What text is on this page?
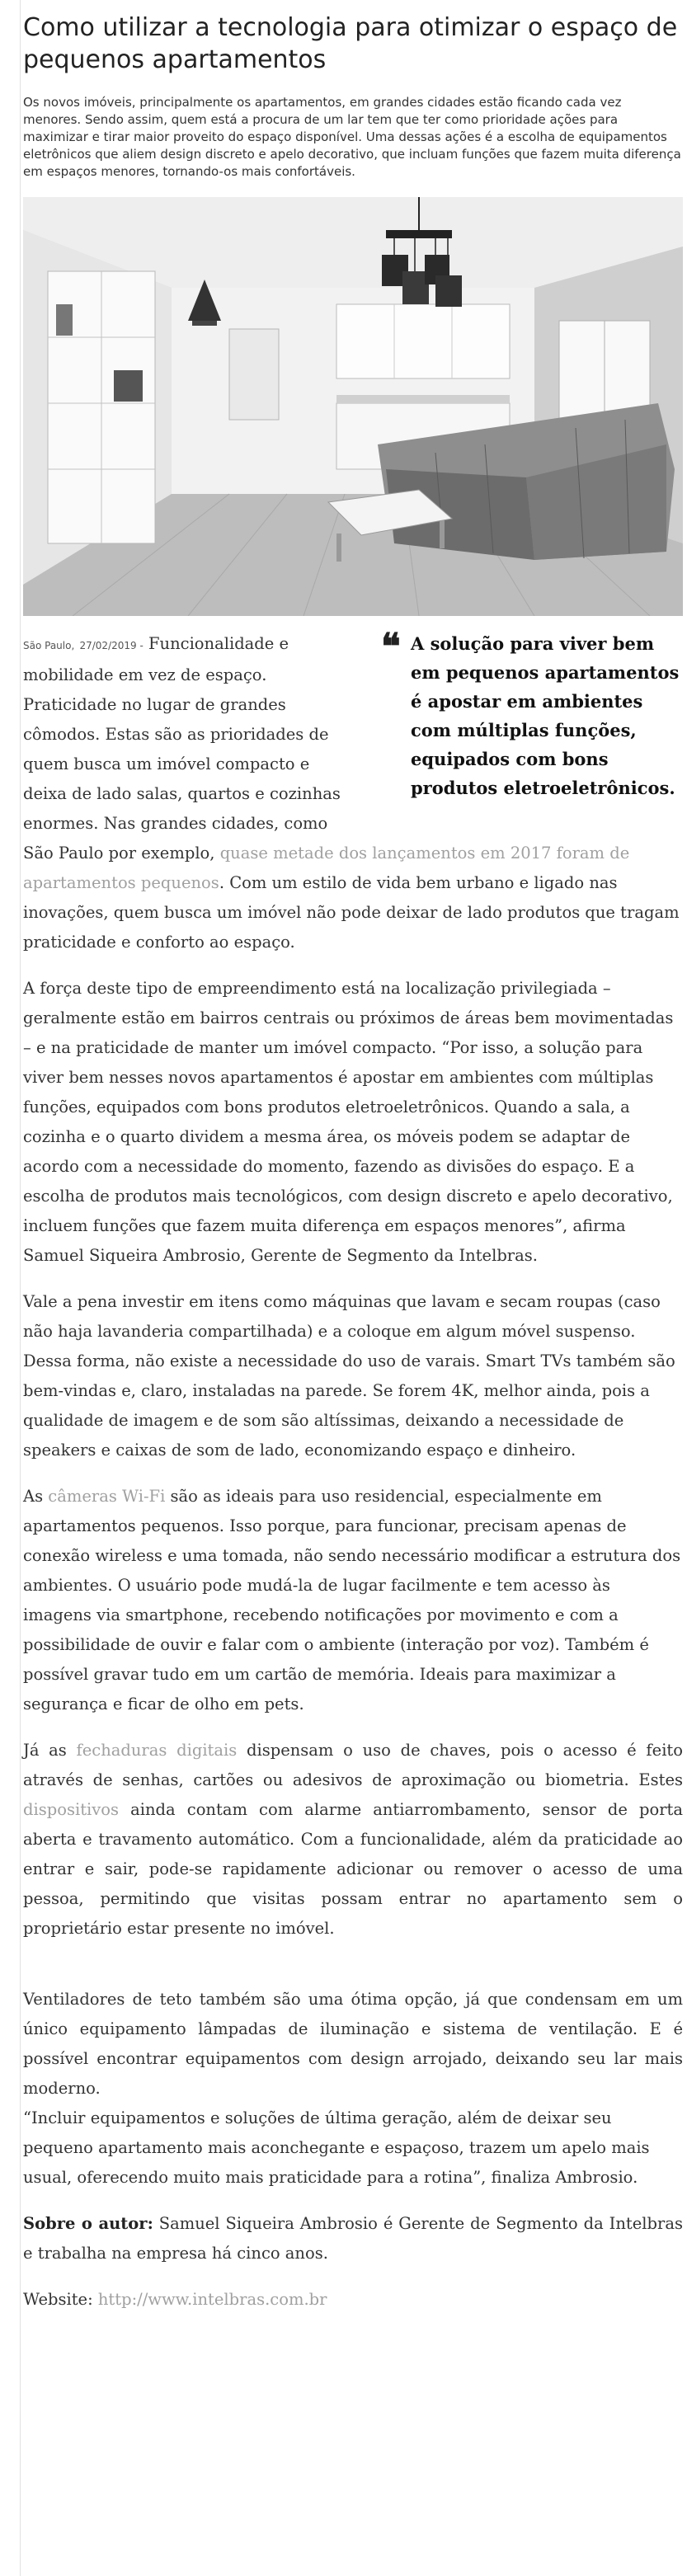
Como utilizar a tecnologia para otimizar o espaço de pequenos apartamentos

Os novos imóveis, principalmente os apartamentos, em grandes cidades estão ficando cada vez menores. Sendo assim, quem está a procura de um lar tem que ter como prioridade ações para maximizar e tirar maior proveito do espaço disponível. Uma dessas ações é a escolha de equipamentos eletrônicos que aliem design discreto e apelo decorativo, que incluam funções que fazem muita diferença em espaços menores, tornando-os mais confortáveis.

❝ A solução para viver bem em pequenos apartamentos é apostar em ambientes com múltiplas funções, equipados com bons produtos eletroeletrônicos.

São Paulo, 27/02/2019 - Funcionalidade e mobilidade em vez de espaço. Praticidade no lugar de grandes cômodos. Estas são as prioridades de quem busca um imóvel compacto e deixa de lado salas, quartos e cozinhas enormes. Nas grandes cidades, como São Paulo por exemplo, quase metade dos lançamentos em 2017 foram de apartamentos pequenos. Com um estilo de vida bem urbano e ligado nas inovações, quem busca um imóvel não pode deixar de lado produtos que tragam praticidade e conforto ao espaço.

A força deste tipo de empreendimento está na localização privilegiada – geralmente estão em bairros centrais ou próximos de áreas bem movimentadas – e na praticidade de manter um imóvel compacto. “Por isso, a solução para viver bem nesses novos apartamentos é apostar em ambientes com múltiplas funções, equipados com bons produtos eletroeletrônicos. Quando a sala, a cozinha e o quarto dividem a mesma área, os móveis podem se adaptar de acordo com a necessidade do momento, fazendo as divisões do espaço. E a escolha de produtos mais tecnológicos, com design discreto e apelo decorativo, incluem funções que fazem muita diferença em espaços menores”, afirma Samuel Siqueira Ambrosio, Gerente de Segmento da Intelbras.

Vale a pena investir em itens como máquinas que lavam e secam roupas (caso não haja lavanderia compartilhada) e a coloque em algum móvel suspenso. Dessa forma, não existe a necessidade do uso de varais. Smart TVs também são bem-vindas e, claro, instaladas na parede. Se forem 4K, melhor ainda, pois a qualidade de imagem e de som são altíssimas, deixando a necessidade de speakers e caixas de som de lado, economizando espaço e dinheiro.

As câmeras Wi-Fi são as ideais para uso residencial, especialmente em apartamentos pequenos. Isso porque, para funcionar, precisam apenas de conexão wireless e uma tomada, não sendo necessário modificar a estrutura dos ambientes. O usuário pode mudá-la de lugar facilmente e tem acesso às imagens via smartphone, recebendo notificações por movimento e com a possibilidade de ouvir e falar com o ambiente (interação por voz). Também é possível gravar tudo em um cartão de memória. Ideais para maximizar a segurança e ficar de olho em pets.

Já as fechaduras digitais dispensam o uso de chaves, pois o acesso é feito através de senhas, cartões ou adesivos de aproximação ou biometria. Estes dispositivos ainda contam com alarme antiarrombamento, sensor de porta aberta e travamento automático. Com a funcionalidade, além da praticidade ao entrar e sair, pode-se rapidamente adicionar ou remover o acesso de uma pessoa, permitindo que visitas possam entrar no apartamento sem o proprietário estar presente no imóvel.

Ventiladores de teto também são uma ótima opção, já que condensam em um único equipamento lâmpadas de iluminação e sistema de ventilação. E é possível encontrar equipamentos com design arrojado, deixando seu lar mais moderno.

“Incluir equipamentos e soluções de última geração, além de deixar seu pequeno apartamento mais aconchegante e espaçoso, trazem um apelo mais usual, oferecendo muito mais praticidade para a rotina”, finaliza Ambrosio.

Sobre o autor: Samuel Siqueira Ambrosio é Gerente de Segmento da Intelbras e trabalha na empresa há cinco anos.

Website: http://www.intelbras.com.br
